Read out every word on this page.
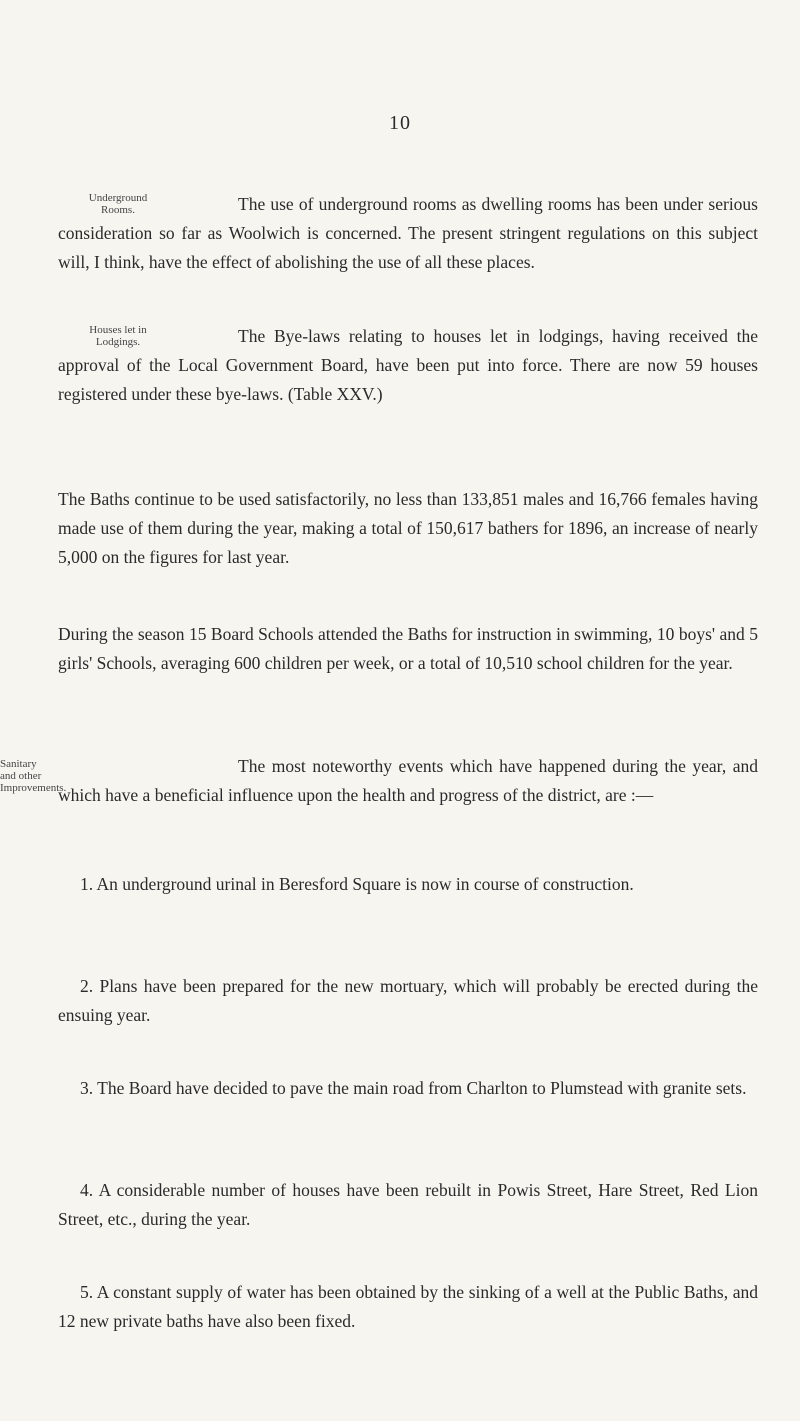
10
Underground
Rooms.	The use of underground rooms as dwelling rooms has been under serious consideration so far as Woolwich is concerned. The present stringent regulations on this subject will, I think, have the effect of abolishing the use of all these places.

Houses let in
Lodgings.	The Bye-laws relating to houses let in lodgings, having received the approval of the Local Government Board, have been put into force. There are now 59 houses registered under these bye-laws. (Table XXV.)

The Baths continue to be used satisfactorily, no less than 133,851 males and 16,766 females having made use of them during the year, making a total of 150,617 bathers for 1896, an increase of nearly 5,000 on the figures for last year.

During the season 15 Board Schools attended the Baths for instruction in swimming, 10 boys' and 5 girls' Schools, averaging 600 children per week, or a total of 10,510 school children for the year.

Sanitary
and other
Improvements.

The most noteworthy events which have happened during the year, and which have a beneficial influence upon the health and progress of the district, are :—

1. An underground urinal in Beresford Square is now in course of construction.

2. Plans have been prepared for the new mortuary, which will probably be erected during the ensuing year.

3. The Board have decided to pave the main road from Charlton to Plumstead with granite sets.

4. A considerable number of houses have been rebuilt in Powis Street, Hare Street, Red Lion Street, etc., during the year.

5. A constant supply of water has been obtained by the sinking of a well at the Public Baths, and 12 new private baths have also been fixed.
